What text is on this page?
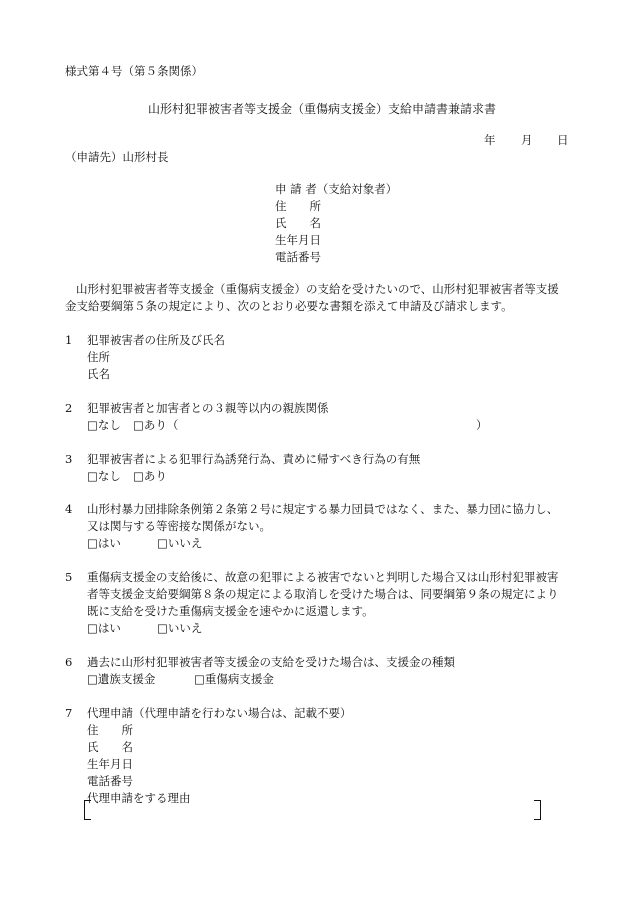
様式第４号（第５条関係）
山形村犯罪被害者等支援金（重傷病支援金）支給申請書兼請求書
年 月 日
（申請先）山形村長
申 請 者（支給対象者）
住　　所
氏　　名
生年月日
電話番号
山形村犯罪被害者等支援金（重傷病支援金）の支給を受けたいので、山形村犯罪被害者等支援
金支給要綱第５条の規定により、次のとおり必要な書類を添えて申請及び請求します。
1 犯罪被害者の住所及び氏名
住所
氏名
2 犯罪被害者と加害者との３親等以内の親族関係
□なし □あり（	）
3 犯罪被害者による犯罪行為誘発行為、責めに帰すべき行為の有無
□なし □あり
4 山形村暴力団排除条例第２条第２号に規定する暴力団員ではなく、また、暴力団に協力し、
又は関与する等密接な関係がない。
□はい	□いいえ
5 重傷病支援金の支給後に、故意の犯罪による被害でないと判明した場合又は山形村犯罪被害
者等支援金支給要綱第８条の規定による取消しを受けた場合は、同要綱第９条の規定により
既に支給を受けた重傷病支援金を速やかに返還します。
□はい	□いいえ
6 過去に山形村犯罪被害者等支援金の支給を受けた場合は、支援金の種類
□遺族支援金	□重傷病支援金
7 代理申請（代理申請を行わない場合は、記載不要）
住　　所
氏　　名
生年月日
電話番号
代理申請をする理由
